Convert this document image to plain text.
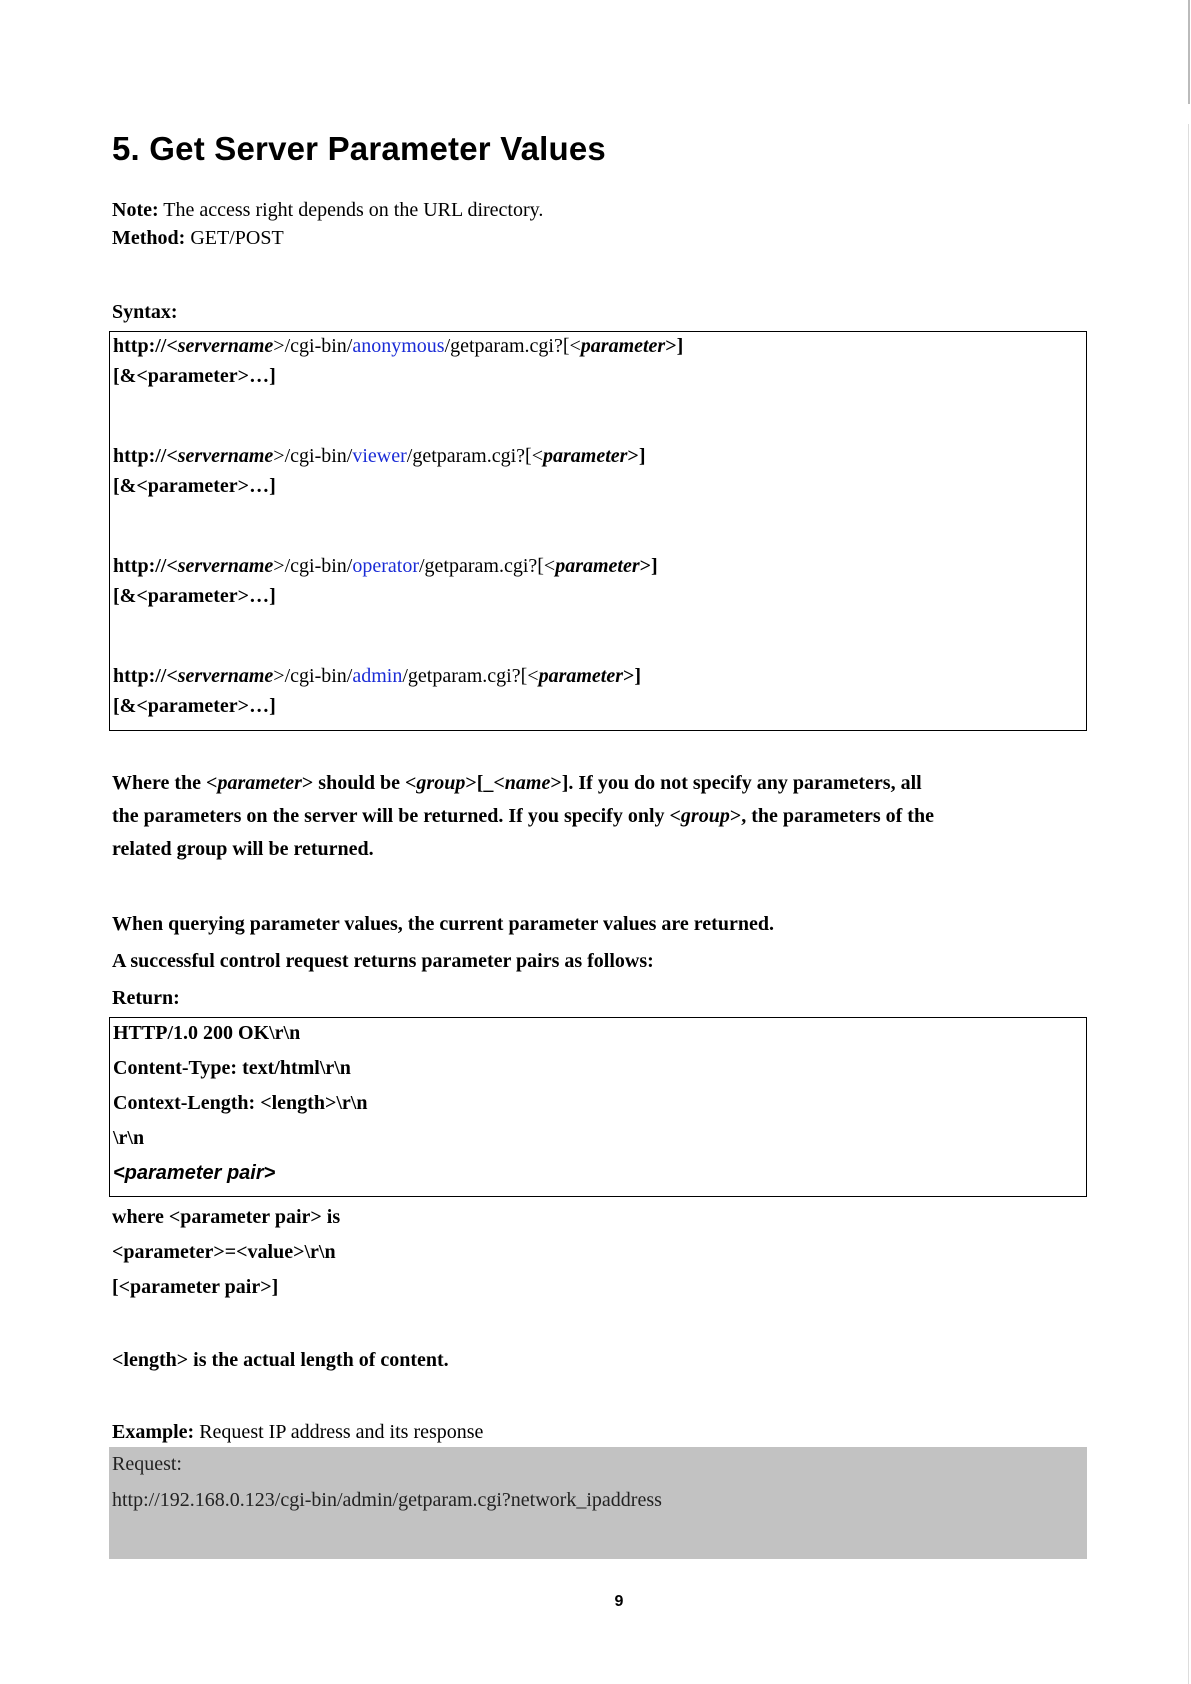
5. Get Server Parameter Values
Note: The access right depends on the URL directory.
Method: GET/POST
Syntax:
http://<servername>/cgi-bin/anonymous/getparam.cgi?[<parameter>]
[&<parameter>…]
http://<servername>/cgi-bin/viewer/getparam.cgi?[<parameter>]
[&<parameter>…]
http://<servername>/cgi-bin/operator/getparam.cgi?[<parameter>]
[&<parameter>…]
http://<servername>/cgi-bin/admin/getparam.cgi?[<parameter>]
[&<parameter>…]
Where the <parameter> should be <group>[_<name>]. If you do not specify any parameters, all
the parameters on the server will be returned. If you specify only <group>, the parameters of the
related group will be returned.
When querying parameter values, the current parameter values are returned.
A successful control request returns parameter pairs as follows:
Return:
HTTP/1.0 200 OK\r\n
Content-Type: text/html\r\n
Context-Length: <length>\r\n
\r\n
<parameter pair>
where <parameter pair> is
<parameter>=<value>\r\n
[<parameter pair>]
<length> is the actual length of content.
Example: Request IP address and its response
Request:
http://192.168.0.123/cgi-bin/admin/getparam.cgi?network_ipaddress
9
